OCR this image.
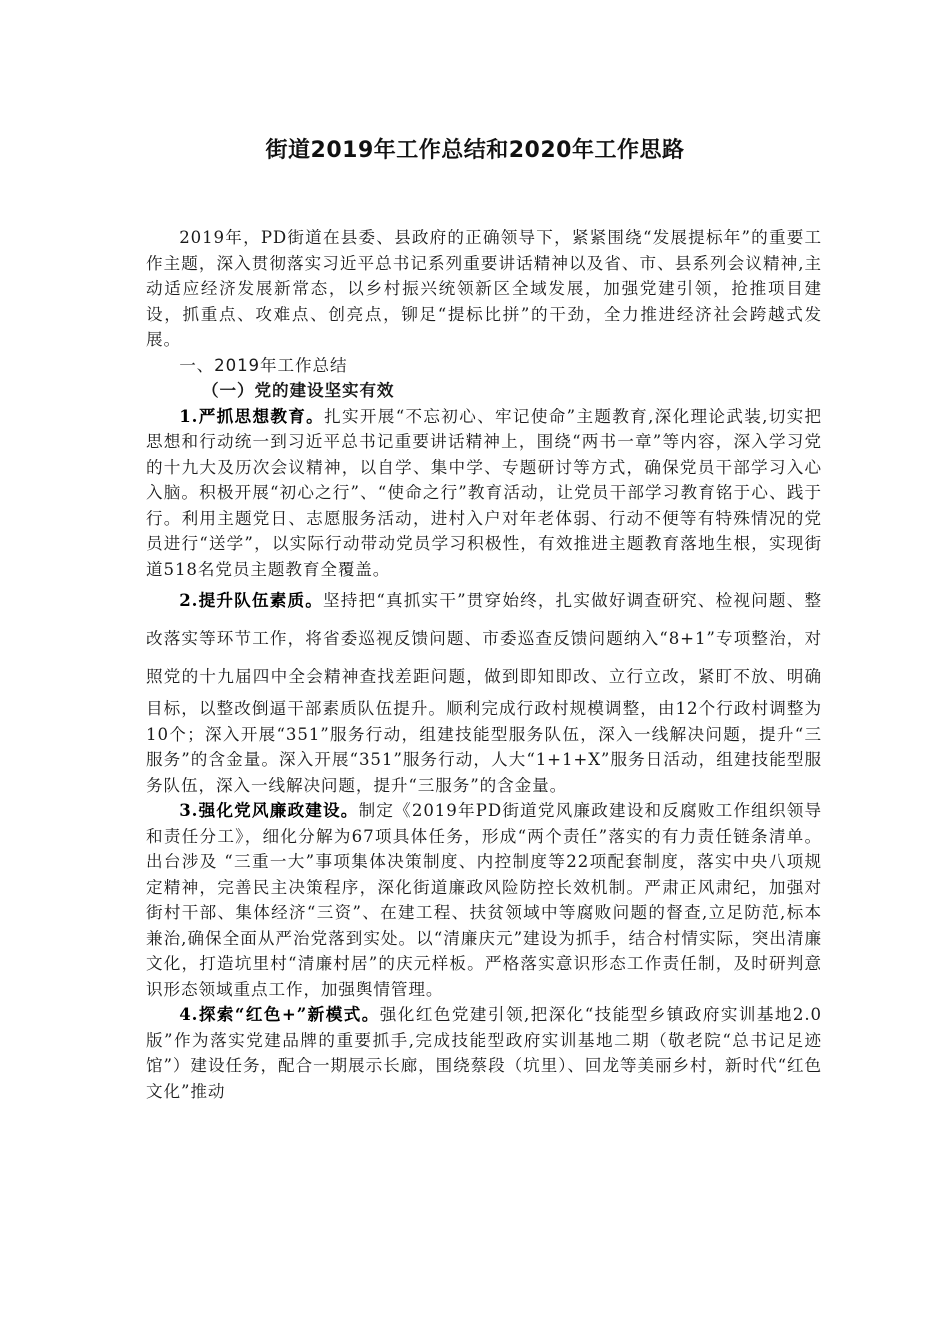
街道2019年工作总结和2020年工作思路

2019年，PD街道在县委、县政府的正确领导下，紧紧围绕“发展提标年”的重要工作主题，深入贯彻落实习近平总书记系列重要讲话精神以及省、市、县系列会议精神,主动适应经济发展新常态，以乡村振兴统领新区全域发展，加强党建引领，抢推项目建设，抓重点、攻难点、创亮点，铆足“提标比拼”的干劲，全力推进经济社会跨越式发展。

一、2019年工作总结

（一）党的建设坚实有效

1.严抓思想教育。扎实开展“不忘初心、牢记使命”主题教育,深化理论武装,切实把思想和行动统一到习近平总书记重要讲话精神上，围绕“两书一章”等内容，深入学习党的十九大及历次会议精神，以自学、集中学、专题研讨等方式，确保党员干部学习入心入脑。积极开展“初心之行”、“使命之行”教育活动，让党员干部学习教育铭于心、践于行。利用主题党日、志愿服务活动，进村入户对年老体弱、行动不便等有特殊情况的党员进行“送学”，以实际行动带动党员学习积极性，有效推进主题教育落地生根，实现街道518名党员主题教育全覆盖。

2.提升队伍素质。坚持把“真抓实干”贯穿始终，扎实做好调查研究、检视问题、整改落实等环节工作，将省委巡视反馈问题、市委巡查反馈问题纳入“8+1”专项整治，对照党的十九届四中全会精神查找差距问题，做到即知即改、立行立改，紧盯不放、明确目标，以整改倒逼干部素质队伍提升。顺利完成行政村规模调整，由12个行政村调整为10个；深入开展“351”服务行动，组建技能型服务队伍，深入一线解决问题，提升“三服务”的含金量。深入开展“351”服务行动，人大“1+1+X”服务日活动，组建技能型服务队伍，深入一线解决问题，提升“三服务”的含金量。

3.强化党风廉政建设。制定《2019年PD街道党风廉政建设和反腐败工作组织领导和责任分工》，细化分解为67项具体任务，形成“两个责任”落实的有力责任链条清单。出台涉及 “三重一大”事项集体决策制度、内控制度等22项配套制度，落实中央八项规定精神，完善民主决策程序，深化街道廉政风险防控长效机制。严肃正风肃纪，加强对街村干部、集体经济“三资”、在建工程、扶贫领域中等腐败问题的督查,立足防范,标本兼治,确保全面从严治党落到实处。以“清廉庆元”建设为抓手，结合村情实际，突出清廉文化，打造坑里村“清廉村居”的庆元样板。严格落实意识形态工作责任制，及时研判意识形态领域重点工作，加强舆情管理。

4.探索“红色+”新模式。强化红色党建引领,把深化“技能型乡镇政府实训基地2.0版”作为落实党建品牌的重要抓手,完成技能型政府实训基地二期（敬老院“总书记足迹馆”）建设任务，配合一期展示长廊，围绕蔡段（坑里）、回龙等美丽乡村，新时代“红色文化”推动
